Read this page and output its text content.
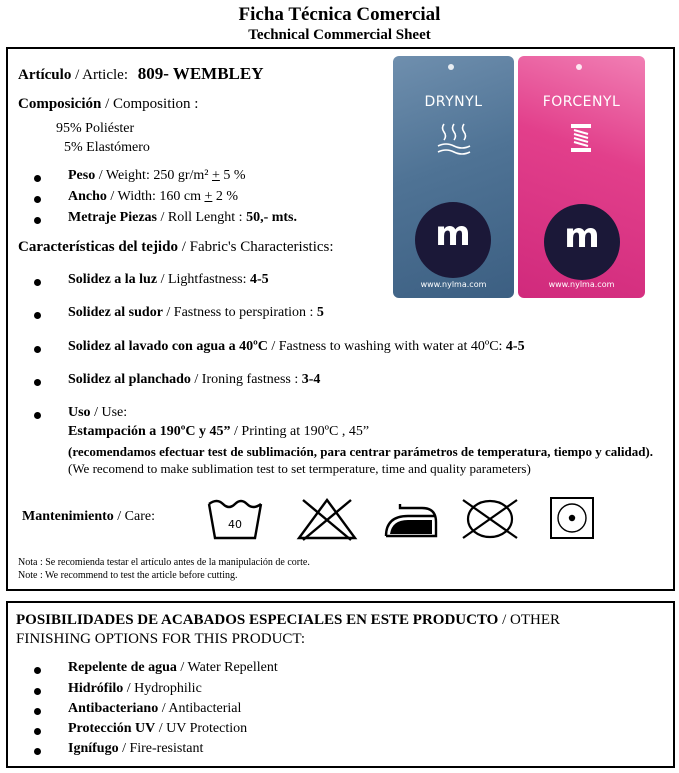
Ficha Técnica Comercial
Technical Commercial Sheet
Artículo / Article: 809- WEMBLEY
Composición / Composition :
95% Poliéster
5% Elastómero
Peso / Weight: 250 gr/m² + 5 %
Ancho / Width: 160 cm + 2 %
Metraje Piezas / Roll Lenght : 50,- mts.
Características del tejido / Fabric's Characteristics:
Solidez a la luz / Lightfastness: 4-5
Solidez al sudor / Fastness to perspiration : 5
Solidez al lavado con agua a 40ºC / Fastness to washing with water at 40ºC: 4-5
Solidez al planchado / Ironing fastness : 3-4
Uso / Use:
Estampación a 190ºC y 45” / Printing at 190ºC , 45”
(recomendamos efectuar test de sublimación, para centrar parámetros de temperatura, tiempo y calidad). (We recomend to make sublimation test to set termperature, time and quality parameters)
Mantenimiento / Care:
40
Nota : Se recomienda testar el artículo antes de la manipulación de corte.
Note : We recommend to test the article before cutting.
DRYNYL
m
www.nylma.com
FORCENYL
m
www.nylma.com
POSIBILIDADES DE ACABADOS ESPECIALES EN ESTE PRODUCTO / OTHER
FINISHING OPTIONS FOR THIS PRODUCT:
Repelente de agua / Water Repellent
Hidrófilo / Hydrophilic
Antibacteriano / Antibacterial
Protección UV / UV Protection
Ignífugo / Fire-resistant
